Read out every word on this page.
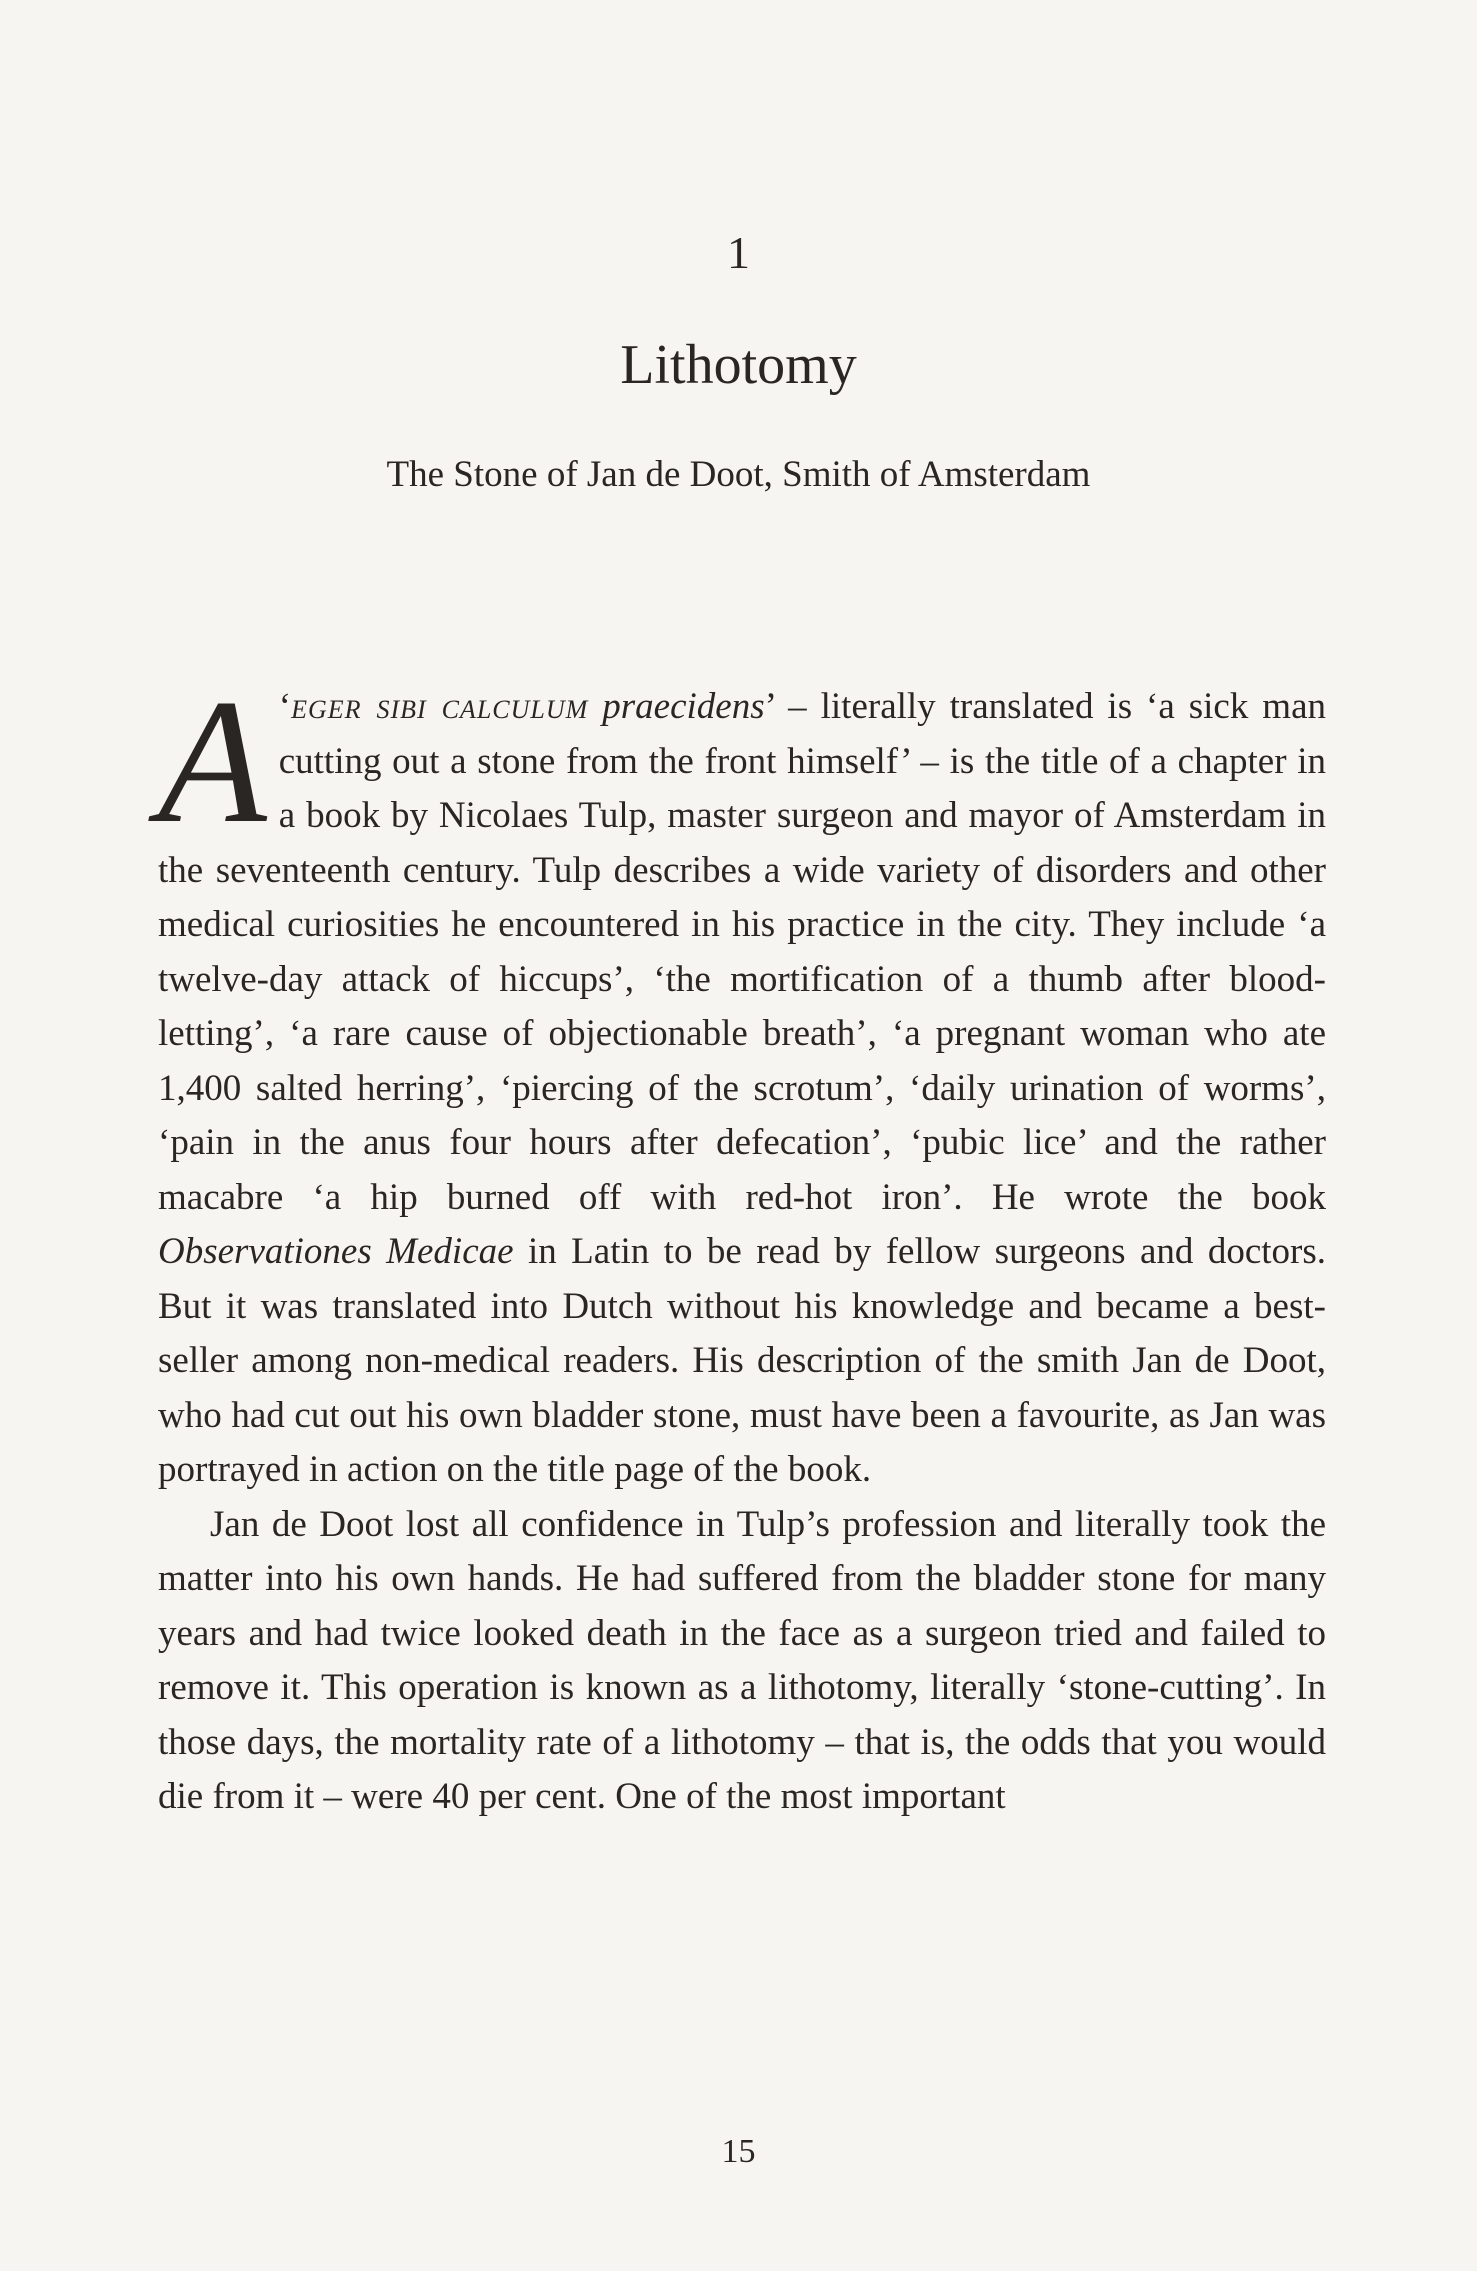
1
Lithotomy
The Stone of Jan de Doot, Smith of Amsterdam

‘
A eger sibi calculum praecidens’ – literally translated is ‘a sick man cutting out a stone from the front himself’ – is the title of a chapter in a book by Nicolaes Tulp, master surgeon and mayor of Amsterdam in the seventeenth century. Tulp describes a wide variety of disorders and other medical curiosities he encountered in his practice in the city. They include ‘a twelve-day attack of hiccups’, ‘the mortification of a thumb after blood-letting’, ‘a rare cause of objectionable breath’, ‘a pregnant woman who ate 1,400 salted herring’, ‘piercing of the scrotum’, ‘daily urination of worms’, ‘pain in the anus four hours after defecation’, ‘pubic lice’ and the rather macabre ‘a hip burned off with red-hot iron’. He wrote the book Observationes Medicae in Latin to be read by fellow surgeons and doctors. But it was translated into Dutch without his knowledge and became a bestseller among non-medical readers. His description of the smith Jan de Doot, who had cut out his own bladder stone, must have been a favourite, as Jan was portrayed in action on the title page of the book.

Jan de Doot lost all confidence in Tulp’s profession and literally took the matter into his own hands. He had suffered from the bladder stone for many years and had twice looked death in the face as a surgeon tried and failed to remove it. This operation is known as a lithotomy, literally ‘stone-cutting’. In those days, the mortality rate of a lithotomy – that is, the odds that you would die from it – were 40 per cent. One of the most important

15
